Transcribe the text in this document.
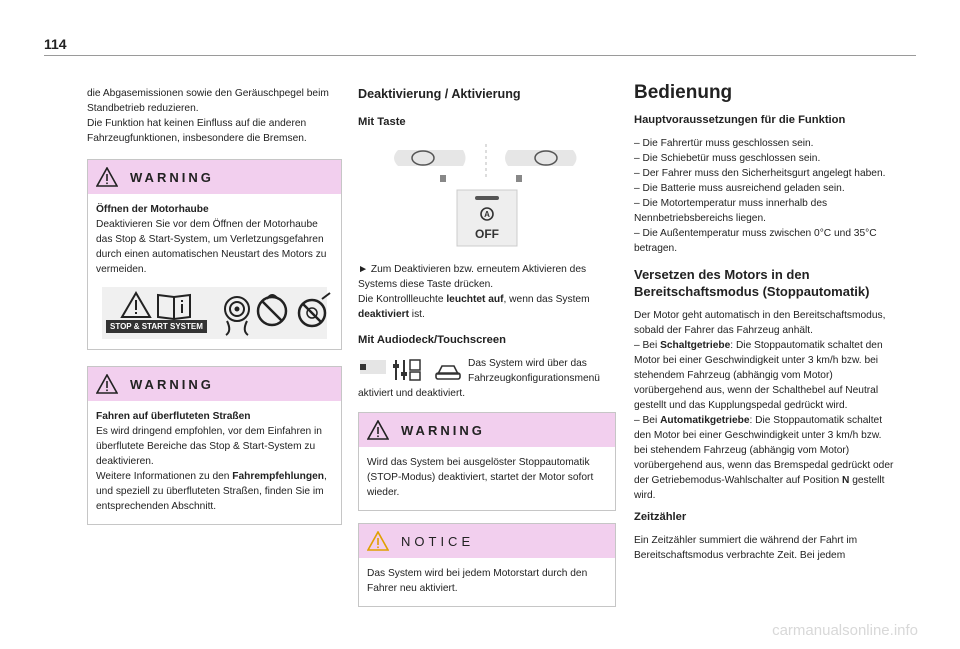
114

die Abgasemissionen sowie den Geräuschpegel beim Standbetrieb reduzieren.

Die Funktion hat keinen Einfluss auf die anderen Fahrzeugfunktionen, insbesondere die Bremsen.

WARNING

Öffnen der Motorhaube

Deaktivieren Sie vor dem Öffnen der Motorhaube das Stop & Start-System, um Verletzungsgefahren durch einen automatischen Neustart des Motors zu vermeiden.

STOP & START SYSTEM
WARNING

Fahren auf überfluteten Straßen

Es wird dringend empfohlen, vor dem Einfahren in überflutete Bereiche das Stop & Start-System zu deaktivieren.

Weitere Informationen zu den Fahrempfehlungen, und speziell zu überfluteten Straßen, finden Sie im entsprechenden Abschnitt.

Deaktivierung / Aktivierung
Mit Taste
A
OFF

► Zum Deaktivieren bzw. erneutem Aktivieren des Systems diese Taste drücken.

Die Kontrollleuchte leuchtet auf, wenn das System deaktiviert ist.

Mit Audiodeck/Touchscreen

Das System wird über das Fahrzeugkonfigurationsmenü

aktiviert und deaktiviert.

WARNING

Wird das System bei ausgelöster Stoppautomatik (STOP-Modus) deaktiviert, startet der Motor sofort wieder.

NOTICE

Das System wird bei jedem Motorstart durch den Fahrer neu aktiviert.

Bedienung
Hauptvoraussetzungen für die Funktion

– Die Fahrertür muss geschlossen sein.

– Die Schiebetür muss geschlossen sein.

– Der Fahrer muss den Sicherheitsgurt angelegt haben.

– Die Batterie muss ausreichend geladen sein.

– Die Motortemperatur muss innerhalb des Nennbetriebsbereichs liegen.

– Die Außentemperatur muss zwischen 0°C und 35°C betragen.

Versetzen des Motors in den Bereitschaftsmodus (Stoppautomatik)

Der Motor geht automatisch in den Bereitschaftsmodus, sobald der Fahrer das Fahrzeug anhält.

– Bei Schaltgetriebe: Die Stoppautomatik schaltet den Motor bei einer Geschwindigkeit unter 3 km/h bzw. bei stehendem Fahrzeug (abhängig vom Motor) vorübergehend aus, wenn der Schalthebel auf Neutral gestellt und das Kupplungspedal gedrückt wird.

– Bei Automatikgetriebe: Die Stoppautomatik schaltet den Motor bei einer Geschwindigkeit unter 3 km/h bzw. bei stehendem Fahrzeug (abhängig vom Motor) vorübergehend aus, wenn das Bremspedal gedrückt oder der Getriebemodus-Wahlschalter auf Position N gestellt wird.

Zeitzähler

Ein Zeitzähler summiert die während der Fahrt im Bereitschaftsmodus verbrachte Zeit. Bei jedem

carmanualsonline.info
